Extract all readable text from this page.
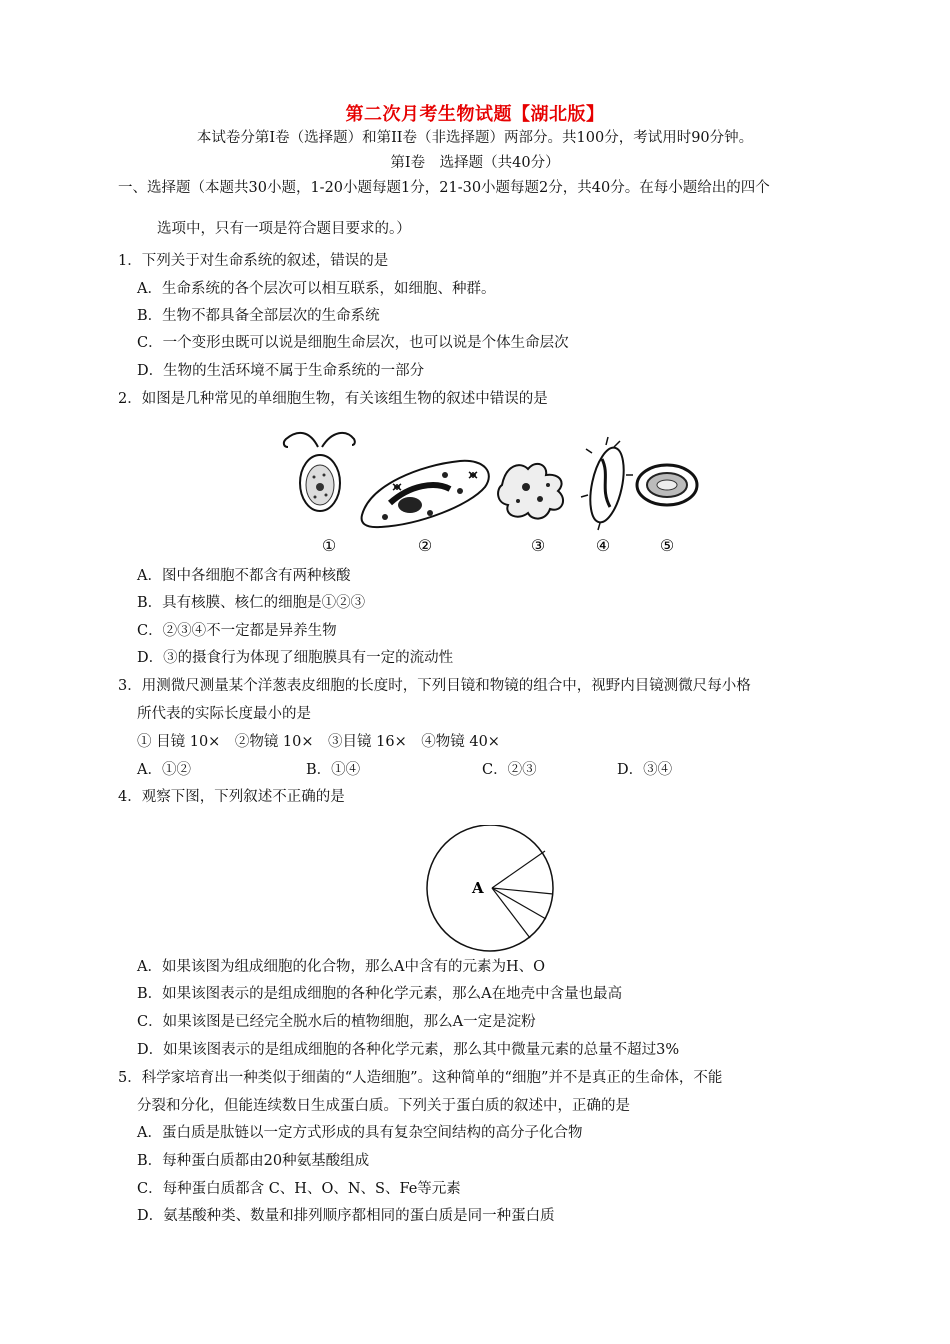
第二次月考生物试题【湖北版】
本试卷分第Ⅰ卷（选择题）和第II卷（非选择题）两部分。共100分，考试用时90分钟。
第Ⅰ卷　选择题（共40分）
一、选择题（本题共30小题，1-20小题每题1分，21-30小题每题2分，共40分。在每小题给出的四个
选项中，只有一项是符合题目要求的。）
1．下列关于对生命系统的叙述，错误的是
A．生命系统的各个层次可以相互联系，如细胞、种群。
B．生物不都具备全部层次的生命系统
C．一个变形虫既可以说是细胞生命层次，也可以说是个体生命层次
D．生物的生活环境不属于生命系统的一部分
2．如图是几种常见的单细胞生物，有关该组生物的叙述中错误的是
①	②	③	④	⑤
A．图中各细胞不都含有两种核酸
B．具有核膜、核仁的细胞是①②③
C．②③④不一定都是异养生物
D．③的摄食行为体现了细胞膜具有一定的流动性
3．用测微尺测量某个洋葱表皮细胞的长度时，下列目镜和物镜的组合中，视野内目镜测微尺每小格
所代表的实际长度最小的是
① 目镜 10×　②物镜 10×　③目镜 16×　④物镜 40×
A．①②	B．①④	C．②③	D．③④
4．观察下图，下列叙述不正确的是
A
A．如果该图为组成细胞的化合物，那么A中含有的元素为H、O
B．如果该图表示的是组成细胞的各种化学元素，那么A在地壳中含量也最高
C．如果该图是已经完全脱水后的植物细胞，那么A一定是淀粉
D．如果该图表示的是组成细胞的各种化学元素，那么其中微量元素的总量不超过3%
5．科学家培育出一种类似于细菌的“人造细胞”。这种简单的“细胞”并不是真正的生命体，不能
分裂和分化，但能连续数日生成蛋白质。下列关于蛋白质的叙述中，正确的是
A．蛋白质是肽链以一定方式形成的具有复杂空间结构的高分子化合物
B．每种蛋白质都由20种氨基酸组成
C．每种蛋白质都含 C、H、O、N、S、Fe等元素
D．氨基酸种类、数量和排列顺序都相同的蛋白质是同一种蛋白质
